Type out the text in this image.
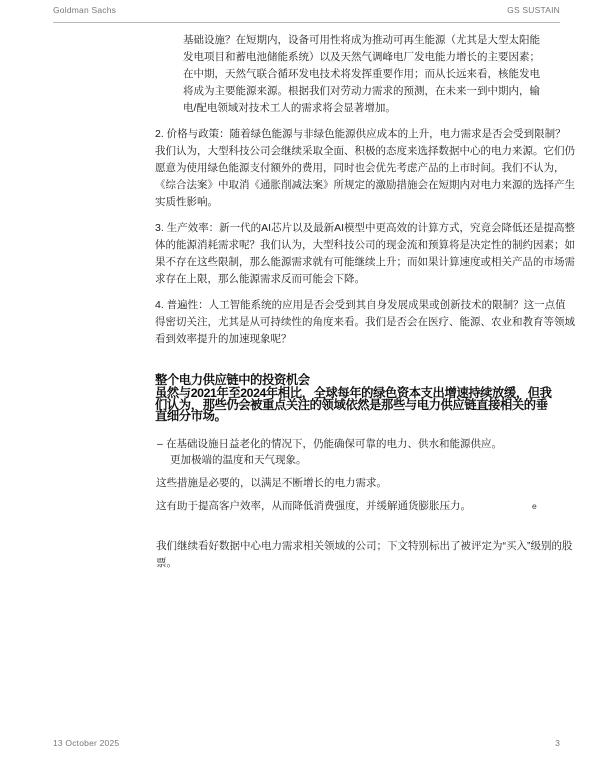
Goldman Sachs	GS SUSTAIN

基础设施？在短期内，设备可用性将成为推动可再生能源（尤其是大型太阳能发电项目和蓄电池储能系统）以及天然气调峰电厂发电能力增长的主要因素；在中期，天然气联合循环发电技术将发挥重要作用；而从长远来看，核能发电将成为主要能源来源。根据我们对劳动力需求的预测，在未来一到中期内，输电/配电领域对技术工人的需求将会显著增加。

2. 价格与政策：随着绿色能源与非绿色能源供应成本的上升，电力需求是否会受到限制？我们认为，大型科技公司会继续采取全面、积极的态度来选择数据中心的电力来源。它们仍愿意为使用绿色能源支付额外的费用，同时也会优先考虑产品的上市时间。我们不认为，《综合法案》中取消《通胀削减法案》所规定的激励措施会在短期内对电力来源的选择产生实质性影响。

3. 生产效率：新一代的AI芯片以及最新AI模型中更高效的计算方式，究竟会降低还是提高整体的能源消耗需求呢？我们认为，大型科技公司的现金流和预算将是决定性的制约因素；如果不存在这些限制，那么能源需求就有可能继续上升；而如果计算速度或相关产品的市场需求存在上限，那么能源需求反而可能会下降。

4. 普遍性：人工智能系统的应用是否会受到其自身发展成果或创新技术的限制？这一点值得密切关注，尤其是从可持续性的角度来看。我们是否会在医疗、能源、农业和教育等领域看到效率提升的加速现象呢？

整个电力供应链中的投资机会

虽然与2021年至2024年相比，全球每年的绿色资本支出增速持续放缓，但我们认为，那些仍会被重点关注的领域依然是那些与电力供应链直接相关的垂直细分市场。

– 在基础设施日益老化的情况下，仍能确保可靠的电力、供水和能源供应。

更加极端的温度和天气现象。

这些措施是必要的，以满足不断增长的电力需求。

这有助于提高客户效率，从而降低消费强度，并缓解通货膨胀压力。	e

我们继续看好数据中心电力需求相关领域的公司；下文特别标出了被评定为“买入”级别的股票。

13 October 2025	3
